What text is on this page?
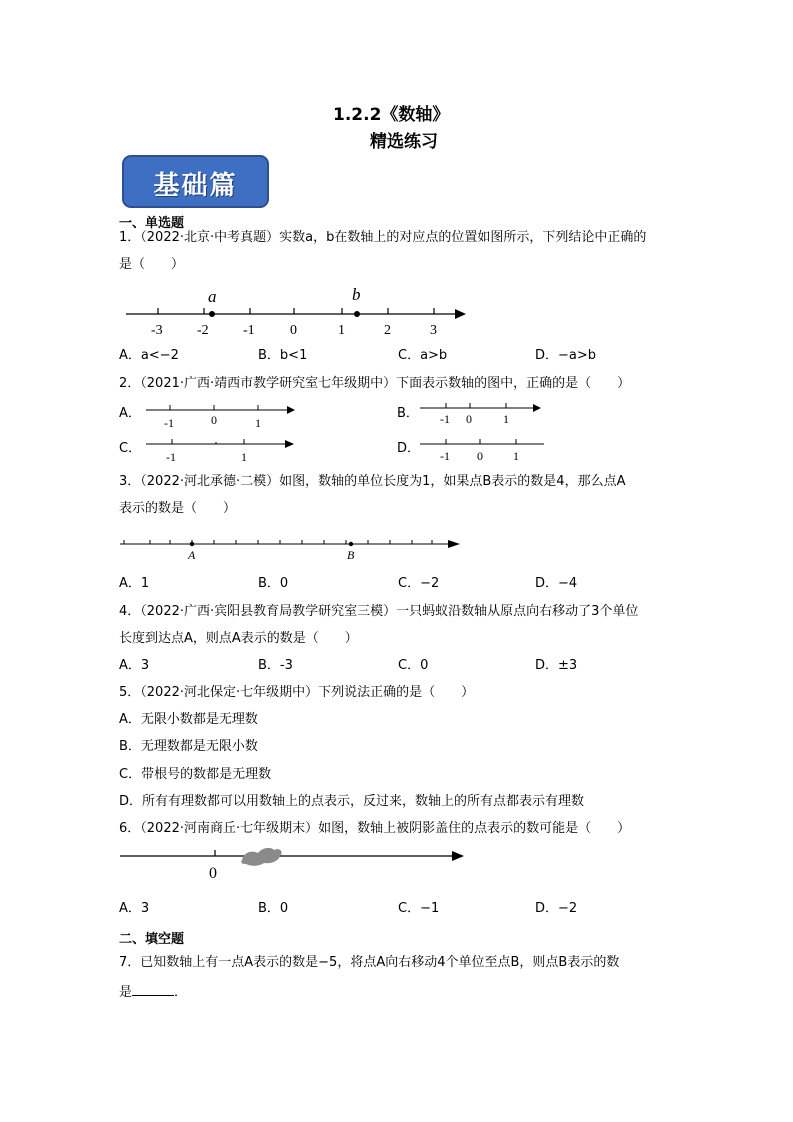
1.2.2《数轴》
精选练习
基础篇
一、单选题
1．（2022·北京·中考真题）实数a，b在数轴上的对应点的位置如图所示，下列结论中正确的
是（　　）
a	b
-3 -2 -1	0	1	2	3
A．a<−2	B．b<1	C．a>b	D．−a>b
2．（2021·广西·靖西市教学研究室七年级期中）下面表示数轴的图中，正确的是（　　）
A．
-1	0	1
B． -1 0	1
C．
-1	1
D． -1 0	1
3．（2022·河北承德·二模）如图，数轴的单位长度为1，如果点B表示的数是4，那么点A
表示的数是（　　）
A	B
A．1	B．0	C．−2	D．−4
4．（2022·广西·宾阳县教育局教学研究室三模）一只蚂蚁沿数轴从原点向右移动了3个单位
长度到达点A，则点A表示的数是（　　）
A．3	B．-3	C．0	D．±3
5．（2022·河北保定·七年级期中）下列说法正确的是（　　）
A．无限小数都是无理数
B．无理数都是无限小数
C．带根号的数都是无理数
D．所有有理数都可以用数轴上的点表示，反过来，数轴上的所有点都表示有理数
6．（2022·河南商丘·七年级期末）如图，数轴上被阴影盖住的点表示的数可能是（　　）
0
A．3	B．0	C．−1	D．−2
二、填空题
7．已知数轴上有一点A表示的数是−5，将点A向右移动4个单位至点B，则点B表示的数
是	．
